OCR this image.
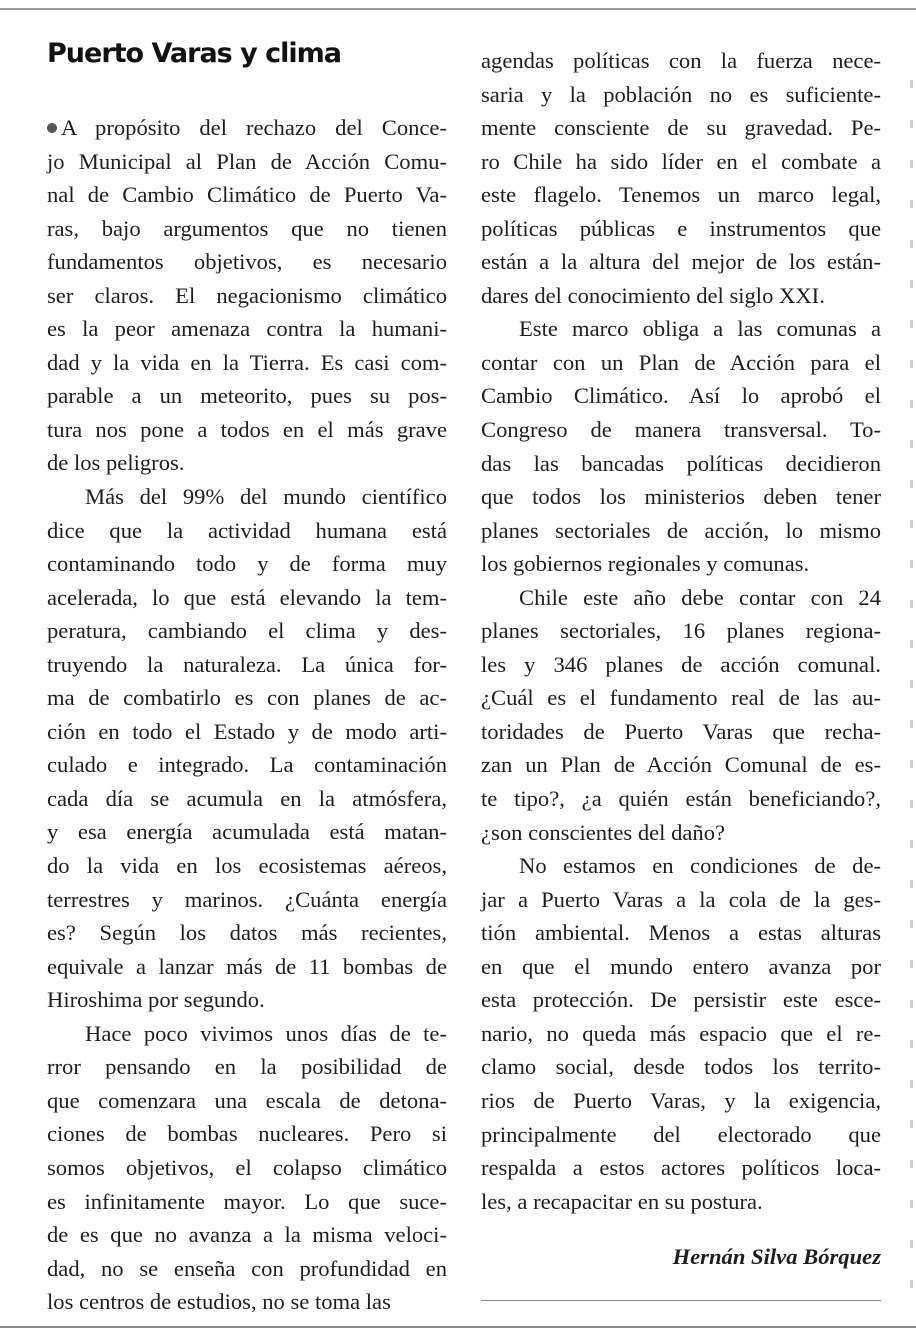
Puerto Varas y clima
A propósito del rechazo del Conce-
jo Municipal al Plan de Acción Comu-
nal de Cambio Climático de Puerto Va-
ras, bajo argumentos que no tienen
fundamentos objetivos, es necesario
ser claros. El negacionismo climático
es la peor amenaza contra la humani-
dad y la vida en la Tierra. Es casi com-
parable a un meteorito, pues su pos-
tura nos pone a todos en el más grave
de los peligros.
Más del 99% del mundo científico
dice que la actividad humana está
contaminando todo y de forma muy
acelerada, lo que está elevando la tem-
peratura, cambiando el clima y des-
truyendo la naturaleza. La única for-
ma de combatirlo es con planes de ac-
ción en todo el Estado y de modo arti-
culado e integrado. La contaminación
cada día se acumula en la atmósfera,
y esa energía acumulada está matan-
do la vida en los ecosistemas aéreos,
terrestres y marinos. ¿Cuánta energía
es? Según los datos más recientes,
equivale a lanzar más de 11 bombas de
Hiroshima por segundo.
Hace poco vivimos unos días de te-
rror pensando en la posibilidad de
que comenzara una escala de detona-
ciones de bombas nucleares. Pero si
somos objetivos, el colapso climático
es infinitamente mayor. Lo que suce-
de es que no avanza a la misma veloci-
dad, no se enseña con profundidad en
los centros de estudios, no se toma las
agendas políticas con la fuerza nece-
saria y la población no es suficiente-
mente consciente de su gravedad. Pe-
ro Chile ha sido líder en el combate a
este flagelo. Tenemos un marco legal,
políticas públicas e instrumentos que
están a la altura del mejor de los están-
dares del conocimiento del siglo XXI.
Este marco obliga a las comunas a
contar con un Plan de Acción para el
Cambio Climático. Así lo aprobó el
Congreso de manera transversal. To-
das las bancadas políticas decidieron
que todos los ministerios deben tener
planes sectoriales de acción, lo mismo
los gobiernos regionales y comunas.
Chile este año debe contar con 24
planes sectoriales, 16 planes regiona-
les y 346 planes de acción comunal.
¿Cuál es el fundamento real de las au-
toridades de Puerto Varas que recha-
zan un Plan de Acción Comunal de es-
te tipo?, ¿a quién están beneficiando?,
¿son conscientes del daño?
No estamos en condiciones de de-
jar a Puerto Varas a la cola de la ges-
tión ambiental. Menos a estas alturas
en que el mundo entero avanza por
esta protección. De persistir este esce-
nario, no queda más espacio que el re-
clamo social, desde todos los territo-
rios de Puerto Varas, y la exigencia,
principalmente del electorado que
respalda a estos actores políticos loca-
les, a recapacitar en su postura.
Hernán Silva Bórquez
